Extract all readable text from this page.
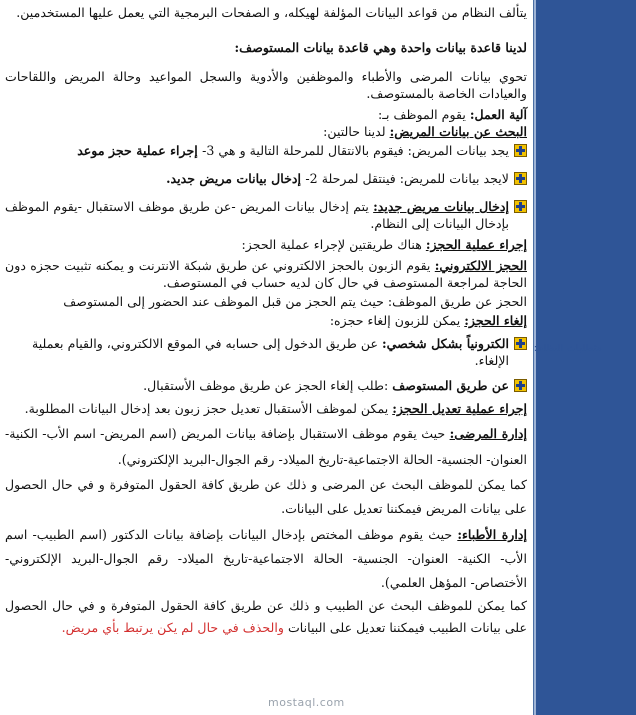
يتألف النظام من قواعد البيانات المؤلفة لهيكله، و الصفحات البرمجية التي يعمل عليها المستخدمين.

لدينا قاعدة بيانات واحدة وهي قاعدة بيانات المستوصف:

تحوي بيانات المرضى والأطباء والموظفين والأدوية والسجل المواعيد وحالة المريض واللقاحات والعيادات الخاصة بالمستوصف.

آلية العمل: يقوم الموظف بـ:

البحث عن بيانات المريض: لدينا حالتين:

يجد بيانات المريض: فيقوم بالانتقال للمرحلة التالية و هي 3- إجراء عملية حجز موعد

لايجد بيانات للمريض: فينتقل لمرحلة 2- إدخال بيانات مريض جديد.

إدخال بيانات مريض جديد: يتم إدخال بيانات المريض -عن طريق موظف الاستقبال -يقوم الموظف بإدخال البيانات إلى النظام.

إجراء عملية الحجز: هناك طريقتين لإجراء عملية الحجز:

الحجز الالكتروني: يقوم الزبون بالحجز الالكتروني عن طريق شبكة الانترنت و يمكنه تثبيت حجزه دون الحاجة لمراجعة المستوصف في حال كان لديه حساب في المستوصف.

الحجز عن طريق الموظف: حيث يتم الحجز من قبل الموظف عند الحضور إلى المستوصف

إلغاء الحجز: يمكن للزبون إلغاء حجزه:

الكترونياً بشكل شخصي: عن طريق الدخول إلى حسابه في الموقع الالكتروني، والقيام بعملية الإلغاء.

عن طريق المستوصف :طلب إلغاء الحجز عن طريق موظف الأستقبال.

إجراء عملية تعديل الحجز: يمكن لموظف الأستقبال تعديل حجز زبون بعد إدخال البيانات المطلوبة.

إدارة المرضى: حيث يقوم موظف الاستقبال بإضافة بيانات المريض (اسم المريض- اسم الأب- الكنية- العنوان- الجنسية- الحالة الاجتماعية-تاريخ الميلاد- رقم الجوال-البريد الإلكتروني).

كما يمكن للموظف البحث عن المرضى و ذلك عن طريق كافة الحقول المتوفرة و في حال الحصول على بيانات المريض فيمكننا تعديل على البيانات.

إدارة الأطباء: حيث يقوم موظف المختص بإدخال البيانات بإضافة بيانات الدكتور (اسم الطبيب- اسم الأب- الكنية- العنوان- الجنسية- الحالة الاجتماعية-تاريخ الميلاد- رقم الجوال-البريد الإلكتروني-الأختصاص- المؤهل العلمي).

كما يمكن للموظف البحث عن الطبيب و ذلك عن طريق كافة الحقول المتوفرة و في حال الحصول على بيانات الطبيب فيمكننا تعديل على البيانات والحذف في حال لم يكن يرتبط بأي مريض.

mostaql.com
متطلبات النظام:
